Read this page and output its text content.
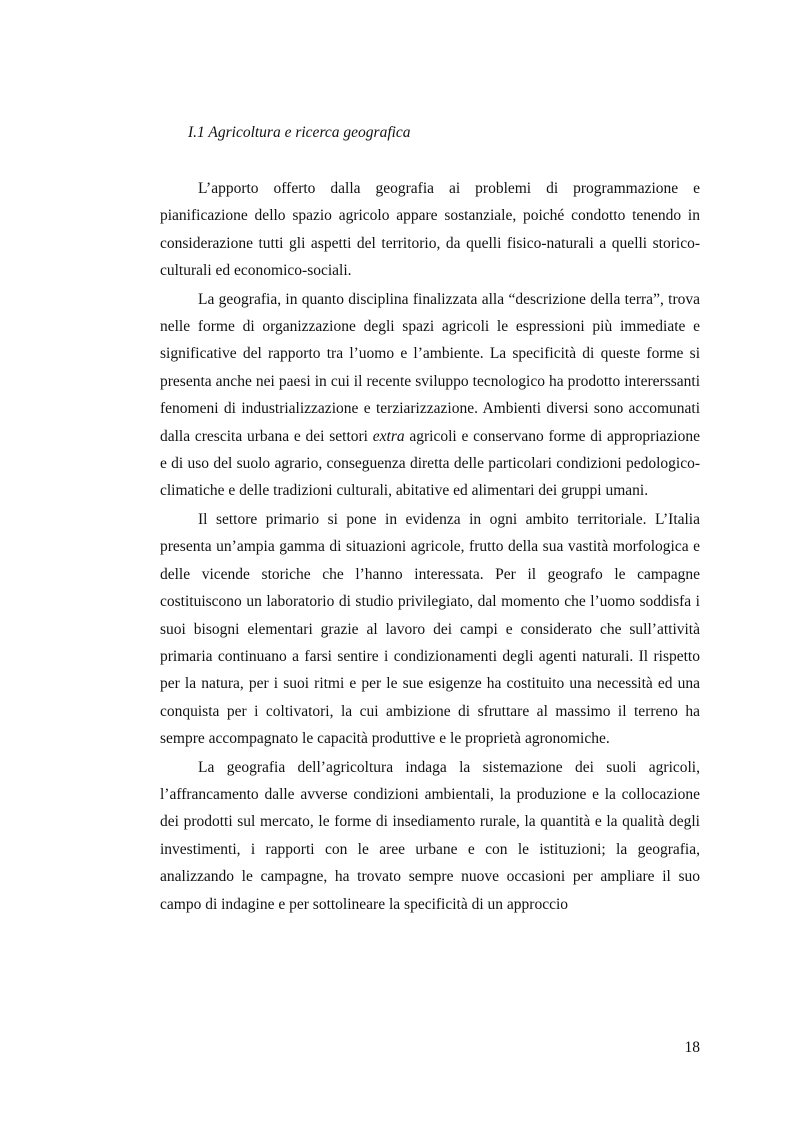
I.1 Agricoltura e ricerca geografica

L’apporto offerto dalla geografia ai problemi di programmazione e pianificazione dello spazio agricolo appare sostanziale, poiché condotto tenendo in considerazione tutti gli aspetti del territorio, da quelli fisico-naturali a quelli storico-culturali ed economico-sociali.

La geografia, in quanto disciplina finalizzata alla “descrizione della terra”, trova nelle forme di organizzazione degli spazi agricoli le espressioni più immediate e significative del rapporto tra l’uomo e l’ambiente. La specificità di queste forme si presenta anche nei paesi in cui il recente sviluppo tecnologico ha prodotto intererssanti fenomeni di industrializzazione e terziarizzazione. Ambienti diversi sono accomunati dalla crescita urbana e dei settori extra agricoli e conservano forme di appropriazione e di uso del suolo agrario, conseguenza diretta delle particolari condizioni pedologico-climatiche e delle tradizioni culturali, abitative ed alimentari dei gruppi umani.

Il settore primario si pone in evidenza in ogni ambito territoriale. L’Italia presenta un’ampia gamma di situazioni agricole, frutto della sua vastità morfologica e delle vicende storiche che l’hanno interessata. Per il geografo le campagne costituiscono un laboratorio di studio privilegiato, dal momento che l’uomo soddisfa i suoi bisogni elementari grazie al lavoro dei campi e considerato che sull’attività primaria continuano a farsi sentire i condizionamenti degli agenti naturali. Il rispetto per la natura, per i suoi ritmi e per le sue esigenze ha costituito una necessità ed una conquista per i coltivatori, la cui ambizione di sfruttare al massimo il terreno ha sempre accompagnato le capacità produttive e le proprietà agronomiche.

La geografia dell’agricoltura indaga la sistemazione dei suoli agricoli, l’affrancamento dalle avverse condizioni ambientali, la produzione e la collocazione dei prodotti sul mercato, le forme di insediamento rurale, la quantità e la qualità degli investimenti, i rapporti con le aree urbane e con le istituzioni; la geografia, analizzando le campagne, ha trovato sempre nuove occasioni per ampliare il suo campo di indagine e per sottolineare la specificità di un approccio

18
